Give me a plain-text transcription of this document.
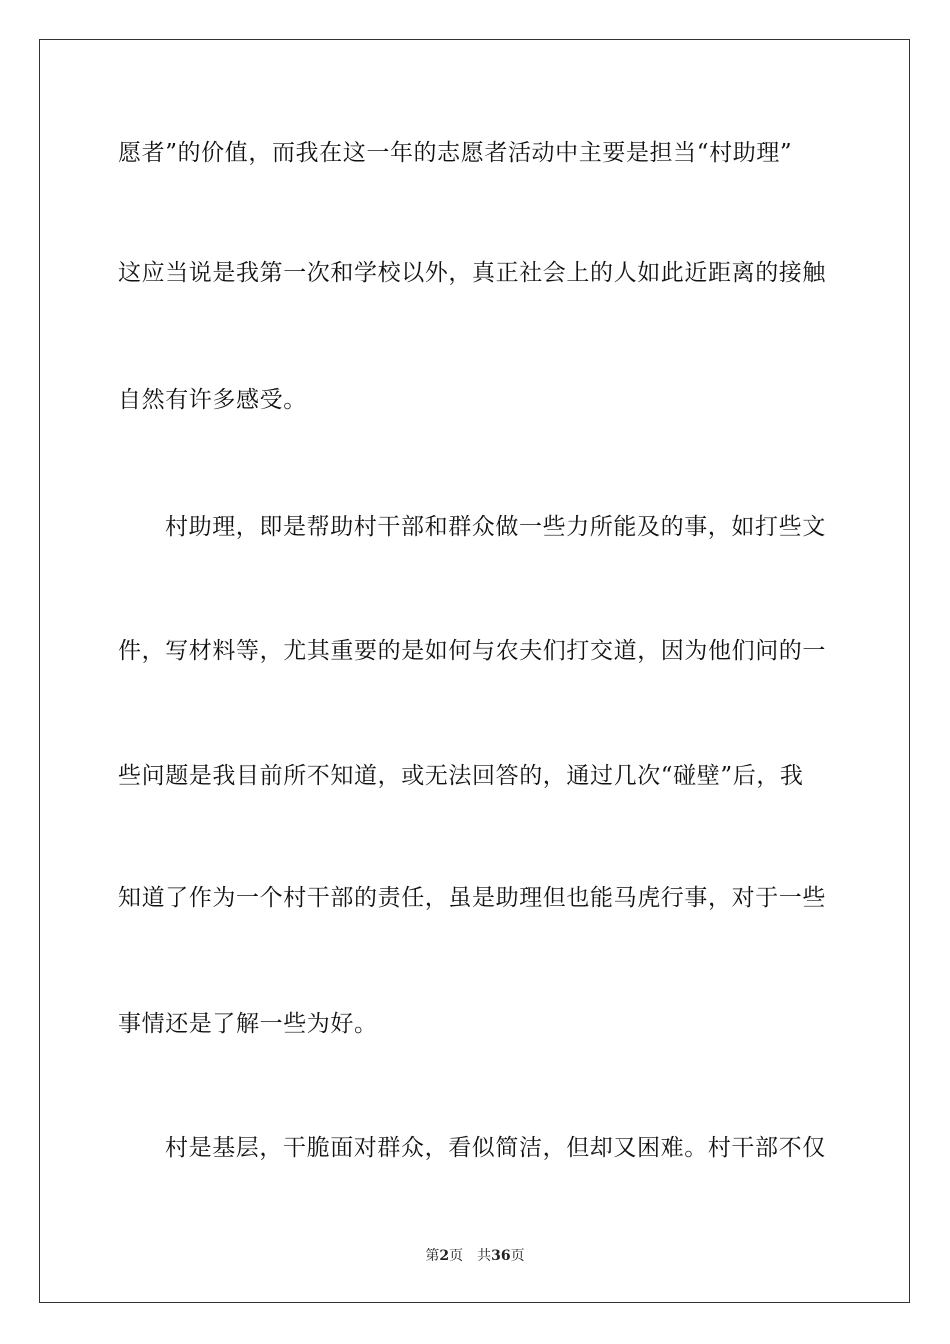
愿者”的价值，而我在这一年的志愿者活动中主要是担当“村助理”
这应当说是我第一次和学校以外，真正社会上的人如此近距离的接触
自然有许多感受。
村助理，即是帮助村干部和群众做一些力所能及的事，如打些文
件，写材料等，尤其重要的是如何与农夫们打交道，因为他们问的一
些问题是我目前所不知道，或无法回答的，通过几次“碰壁”后，我
知道了作为一个村干部的责任，虽是助理但也能马虎行事，对于一些
事情还是了解一些为好。
村是基层，干脆面对群众，看似简洁，但却又困难。村干部不仅
第2页 共36页
